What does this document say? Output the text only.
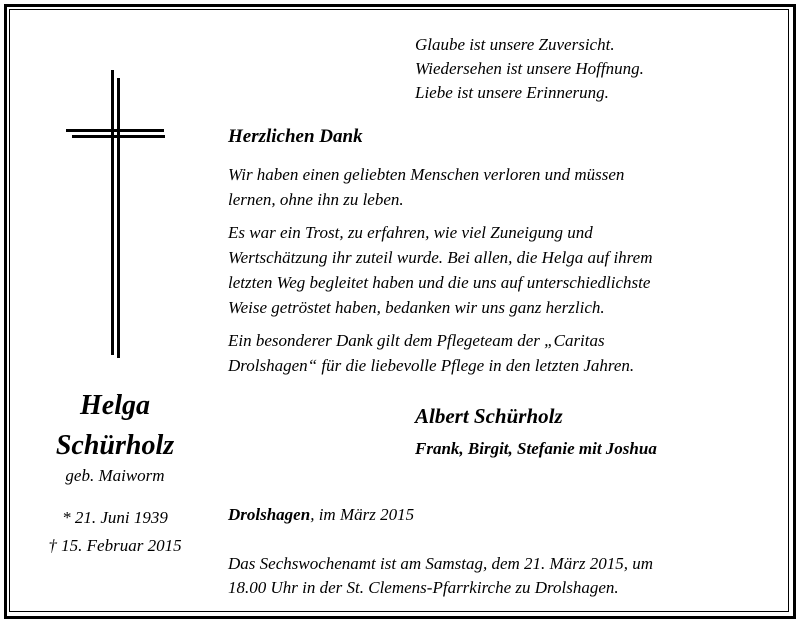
Glaube ist unsere Zuversicht.
Wiedersehen ist unsere Hoffnung.
Liebe ist unsere Erinnerung.
Herzlichen Dank
Wir haben einen geliebten Menschen verloren und müssen
lernen, ohne ihn zu leben.
Es war ein Trost, zu erfahren, wie viel Zuneigung und
Wertschätzung ihr zuteil wurde. Bei allen, die Helga auf ihrem
letzten Weg begleitet haben und die uns auf unterschiedlichste
Weise getröstet haben, bedanken wir uns ganz herzlich.
Ein besonderer Dank gilt dem Pflegeteam der „Caritas
Drolshagen“ für die liebevolle Pflege in den letzten Jahren.
Helga
Schürholz
geb. Maiworm
* 21. Juni 1939
† 15. Februar 2015
Albert Schürholz
Frank, Birgit, Stefanie mit Joshua
Drolshagen, im März 2015
Das Sechswochenamt ist am Samstag, dem 21. März 2015, um
18.00 Uhr in der St. Clemens-Pfarrkirche zu Drolshagen.
